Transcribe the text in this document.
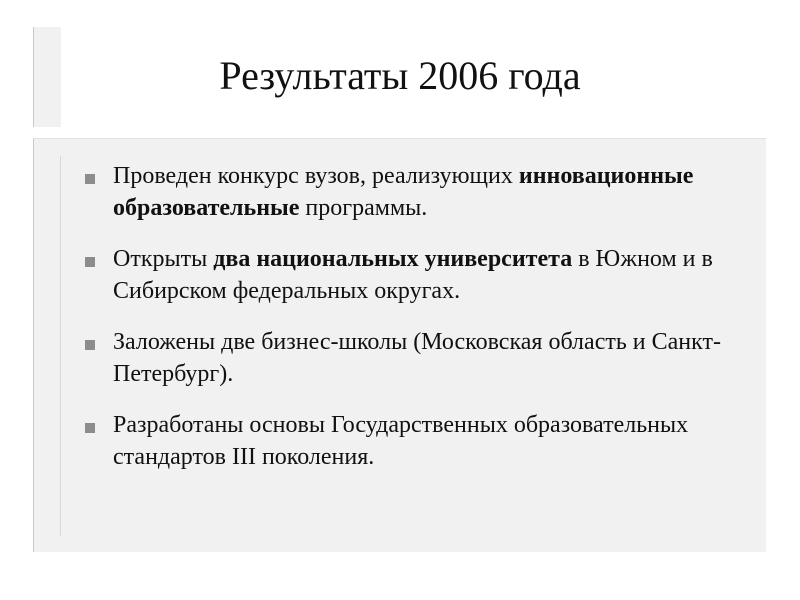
Результаты 2006 года
Проведен конкурс вузов, реализующих инновационные образовательные программы.
Открыты два национальных университета в Южном и в Сибирском федеральных округах.
Заложены две бизнес-школы (Московская область и Санкт-Петербург).
Разработаны основы Государственных образовательных стандартов III поколения.
